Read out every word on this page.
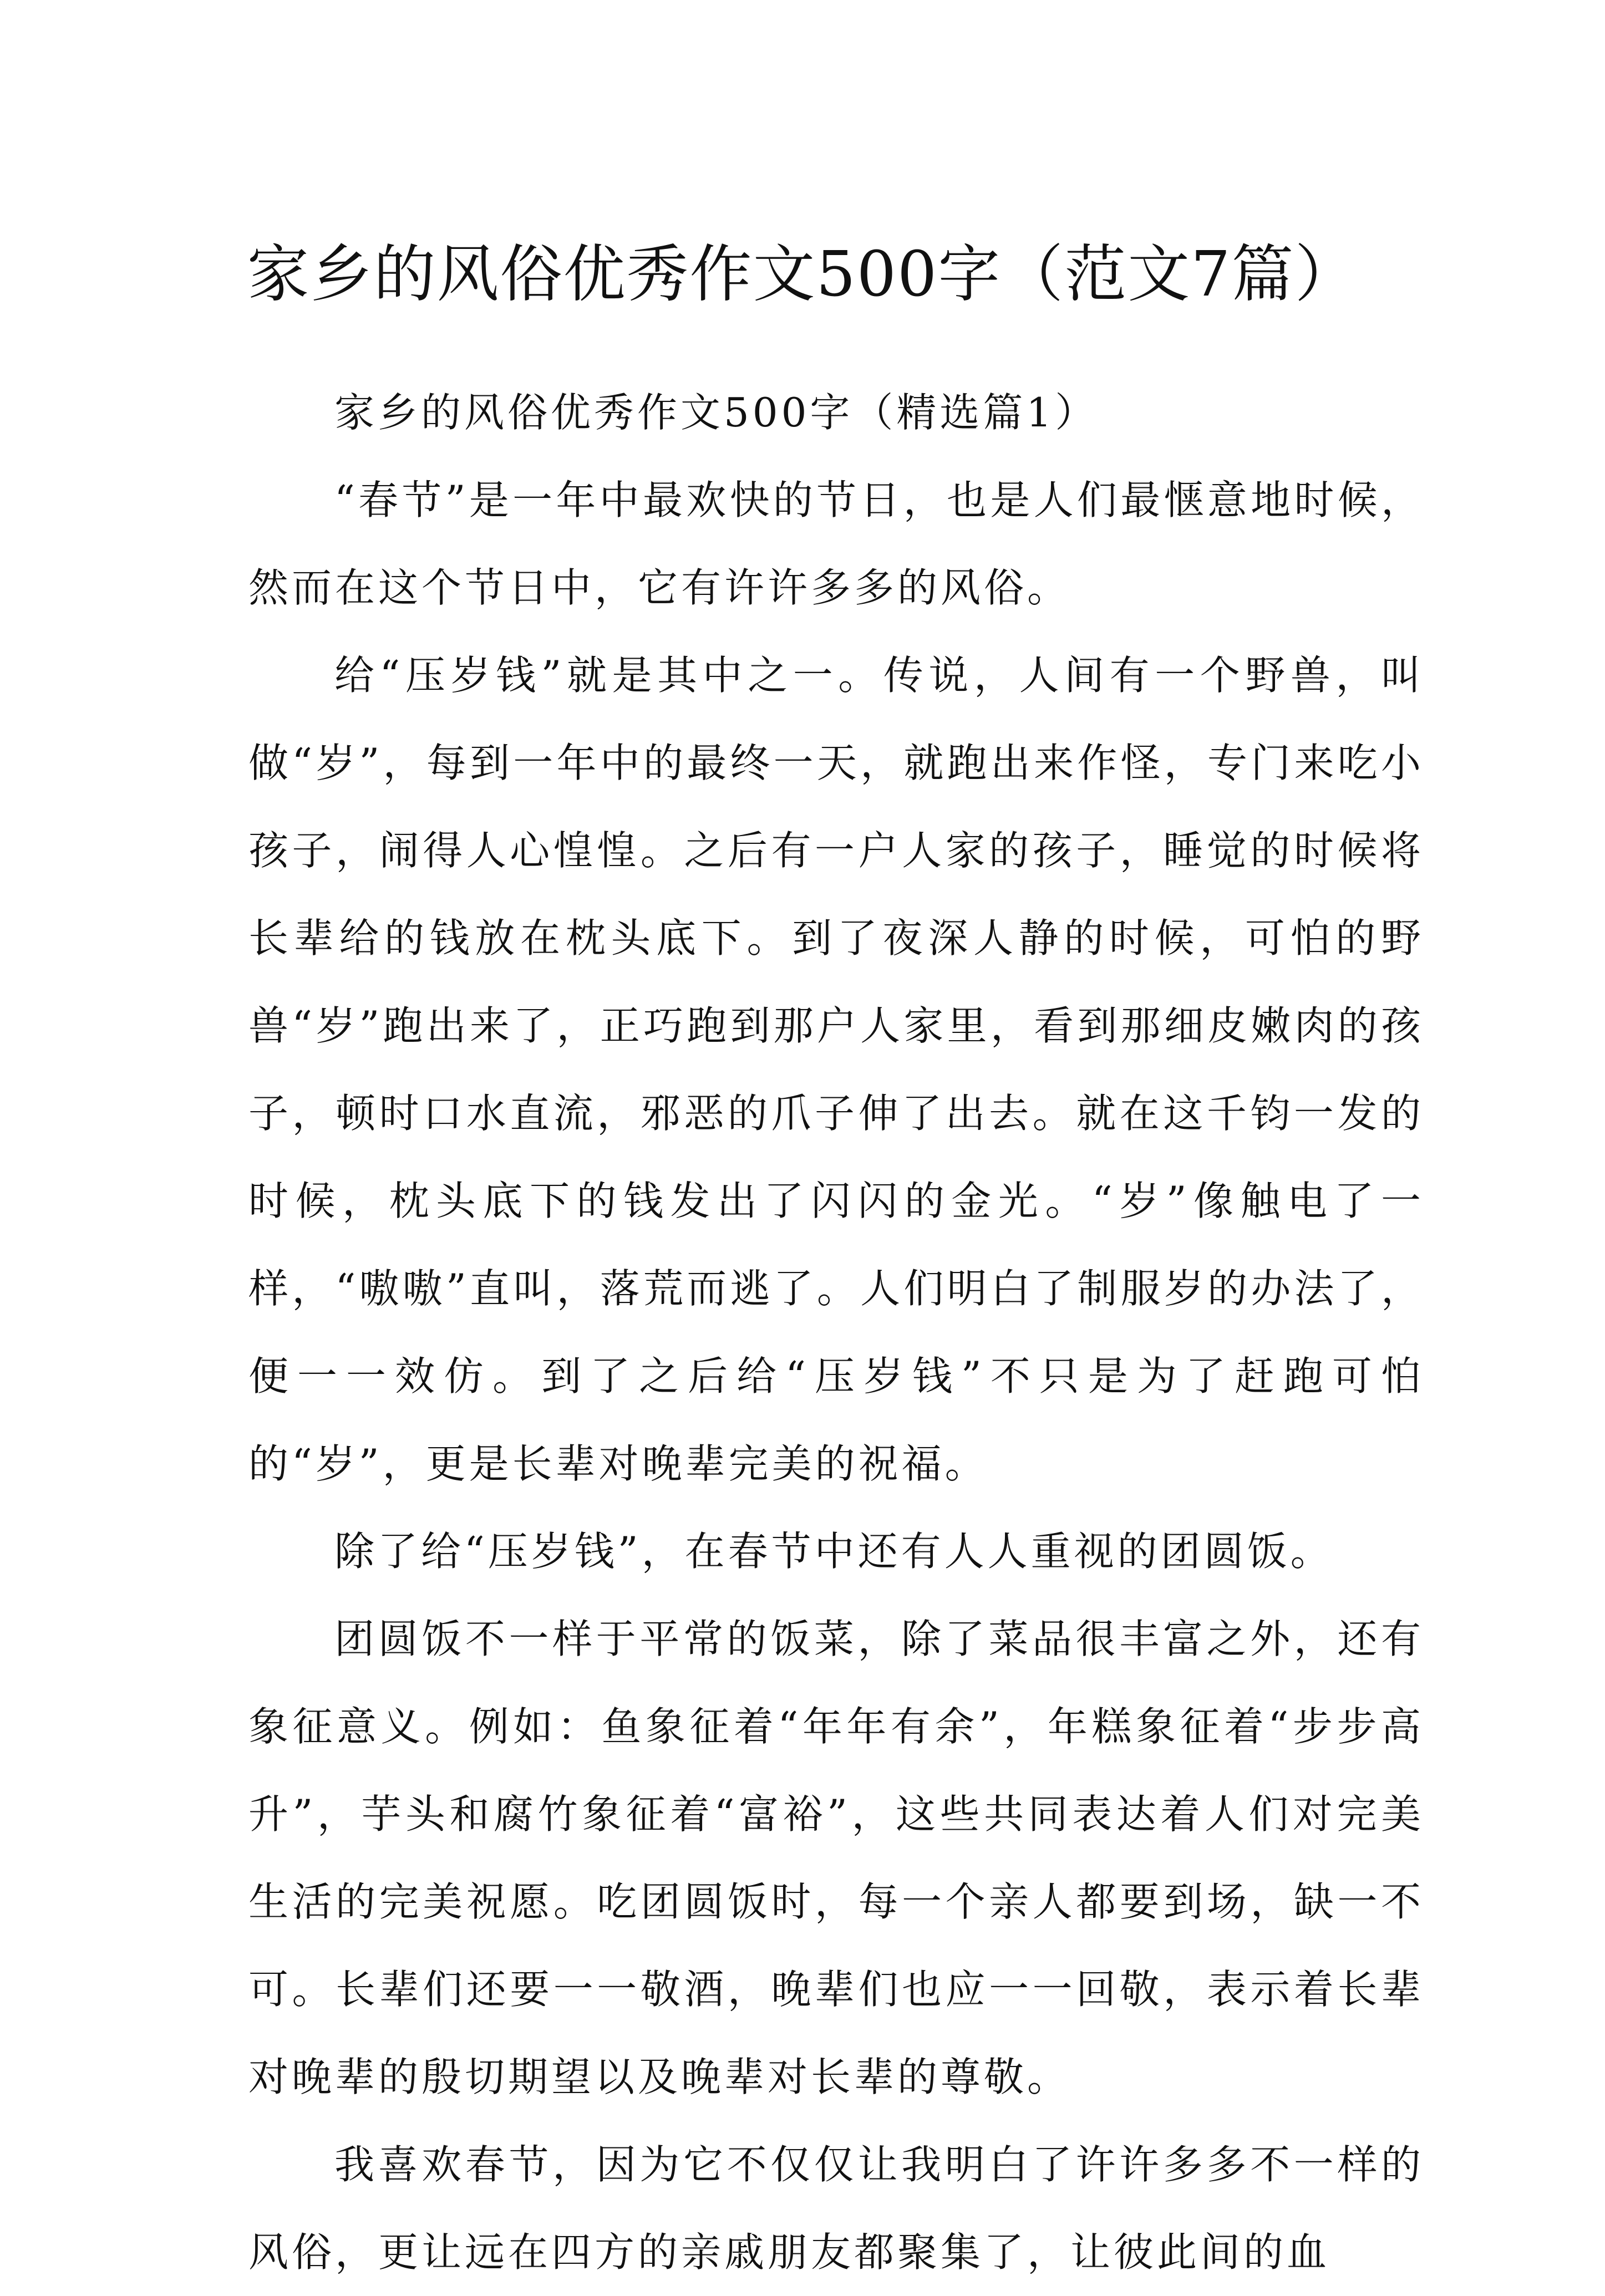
家乡的风俗优秀作文500字（范文7篇）

家乡的风俗优秀作文500字（精选篇1）

“春节”是一年中最欢快的节日，也是人们最惬意地时候，然而在这个节日中，它有许许多多的风俗。

给“压岁钱”就是其中之一。传说，人间有一个野兽，叫做“岁”，每到一年中的最终一天，就跑出来作怪，专门来吃小孩子，闹得人心惶惶。之后有一户人家的孩子，睡觉的时候将长辈给的钱放在枕头底下。到了夜深人静的时候，可怕的野兽“岁”跑出来了，正巧跑到那户人家里，看到那细皮嫩肉的孩子，顿时口水直流，邪恶的爪子伸了出去。就在这千钧一发的时候，枕头底下的钱发出了闪闪的金光。“岁”像触电了一样，“嗷嗷”直叫，落荒而逃了。人们明白了制服岁的办法了，便一一效仿。到了之后给“压岁钱”不只是为了赶跑可怕的“岁”，更是长辈对晚辈完美的祝福。

除了给“压岁钱”，在春节中还有人人重视的团圆饭。

团圆饭不一样于平常的饭菜，除了菜品很丰富之外，还有象征意义。例如：鱼象征着“年年有余”，年糕象征着“步步高升”，芋头和腐竹象征着“富裕”，这些共同表达着人们对完美生活的完美祝愿。吃团圆饭时，每一个亲人都要到场，缺一不可。长辈们还要一一敬酒，晚辈们也应一一回敬，表示着长辈对晚辈的殷切期望以及晚辈对长辈的尊敬。

我喜欢春节，因为它不仅仅让我明白了许许多多不一样的风俗，更让远在四方的亲戚朋友都聚集了，让彼此间的血
